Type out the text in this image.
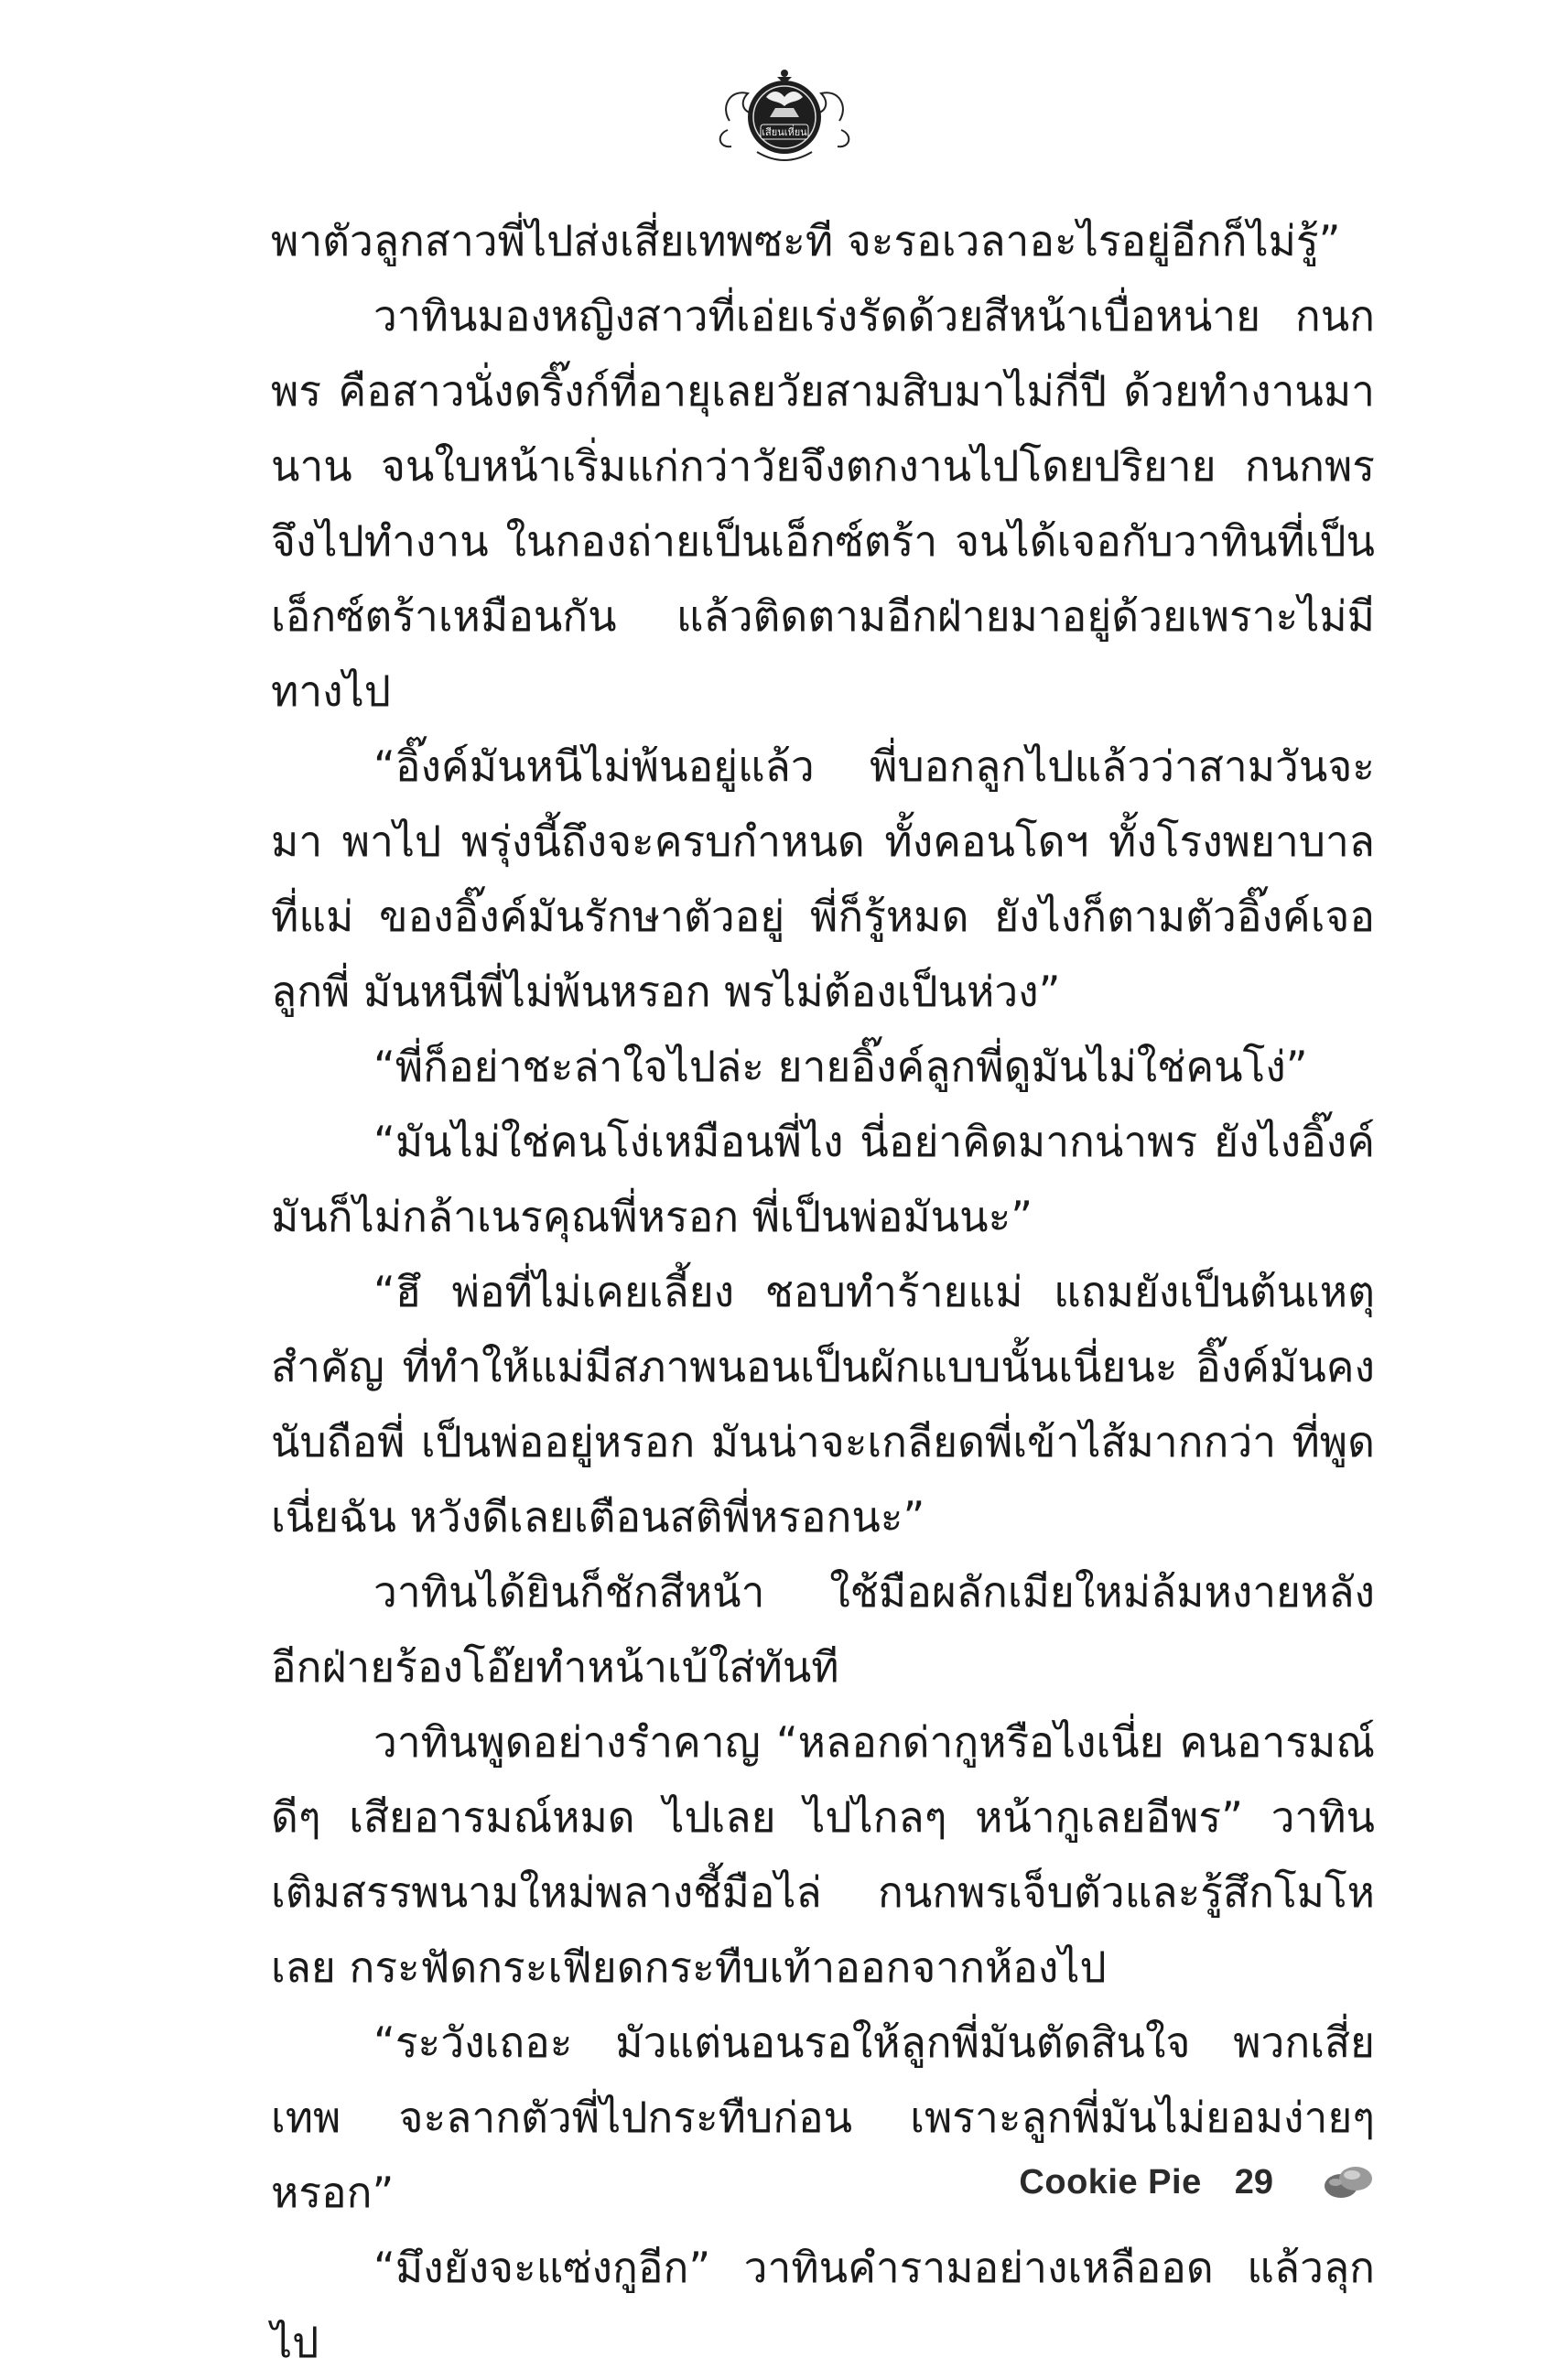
เสียนเหี่ยน

พาตัวลูกสาวพี่ไปส่งเสี่ยเทพซะที จะรอเวลาอะไรอยู่อีกก็ไม่รู้”

วาทินมองหญิงสาวที่เอ่ยเร่งรัดด้วยสีหน้าเบื่อหน่าย กนกพร คือสาวนั่งดริ๊งก์ที่อายุเลยวัยสามสิบมาไม่กี่ปี ด้วยทำงานมานาน จนใบหน้าเริ่มแก่กว่าวัยจึงตกงานไปโดยปริยาย กนกพรจึงไปทำงาน ในกองถ่ายเป็นเอ็กซ์ตร้า จนได้เจอกับวาทินที่เป็นเอ็กซ์ตร้าเหมือนกัน แล้วติดตามอีกฝ่ายมาอยู่ด้วยเพราะไม่มีทางไป

“อิ๊งค์มันหนีไม่พ้นอยู่แล้ว พี่บอกลูกไปแล้วว่าสามวันจะมา พาไป พรุ่งนี้ถึงจะครบกำหนด ทั้งคอนโดฯ ทั้งโรงพยาบาลที่แม่ ของอิ๊งค์มันรักษาตัวอยู่ พี่ก็รู้หมด ยังไงก็ตามตัวอิ๊งค์เจอ ลูกพี่ มันหนีพี่ไม่พ้นหรอก พรไม่ต้องเป็นห่วง”

“พี่ก็อย่าชะล่าใจไปล่ะ ยายอิ๊งค์ลูกพี่ดูมันไม่ใช่คนโง่”

“มันไม่ใช่คนโง่เหมือนพี่ไง นี่อย่าคิดมากน่าพร ยังไงอิ๊งค์ มันก็ไม่กล้าเนรคุณพี่หรอก พี่เป็นพ่อมันนะ”

“ฮึ พ่อที่ไม่เคยเลี้ยง ชอบทำร้ายแม่ แถมยังเป็นต้นเหตุสำคัญ ที่ทำให้แม่มีสภาพนอนเป็นผักแบบนั้นเนี่ยนะ อิ๊งค์มันคงนับถือพี่ เป็นพ่ออยู่หรอก มันน่าจะเกลียดพี่เข้าไส้มากกว่า ที่พูดเนี่ยฉัน หวังดีเลยเตือนสติพี่หรอกนะ”

วาทินได้ยินก็ชักสีหน้า ใช้มือผลักเมียใหม่ล้มหงายหลัง อีกฝ่ายร้องโอ๊ยทำหน้าเบ้ใส่ทันที

วาทินพูดอย่างรำคาญ “หลอกด่ากูหรือไงเนี่ย คนอารมณ์ดีๆ เสียอารมณ์หมด ไปเลย ไปไกลๆ หน้ากูเลยอีพร” วาทิน เติมสรรพนามใหม่พลางชี้มือไล่ กนกพรเจ็บตัวและรู้สึกโมโห เลย กระฟัดกระเฟียดกระทืบเท้าออกจากห้องไป

“ระวังเถอะ มัวแต่นอนรอให้ลูกพี่มันตัดสินใจ พวกเสี่ยเทพ จะลากตัวพี่ไปกระทืบก่อน เพราะลูกพี่มันไม่ยอมง่ายๆ หรอก”

“มึงยังจะแซ่งกูอีก” วาทินคำรามอย่างเหลืออด แล้วลุกไป

Cookie Pie 29
